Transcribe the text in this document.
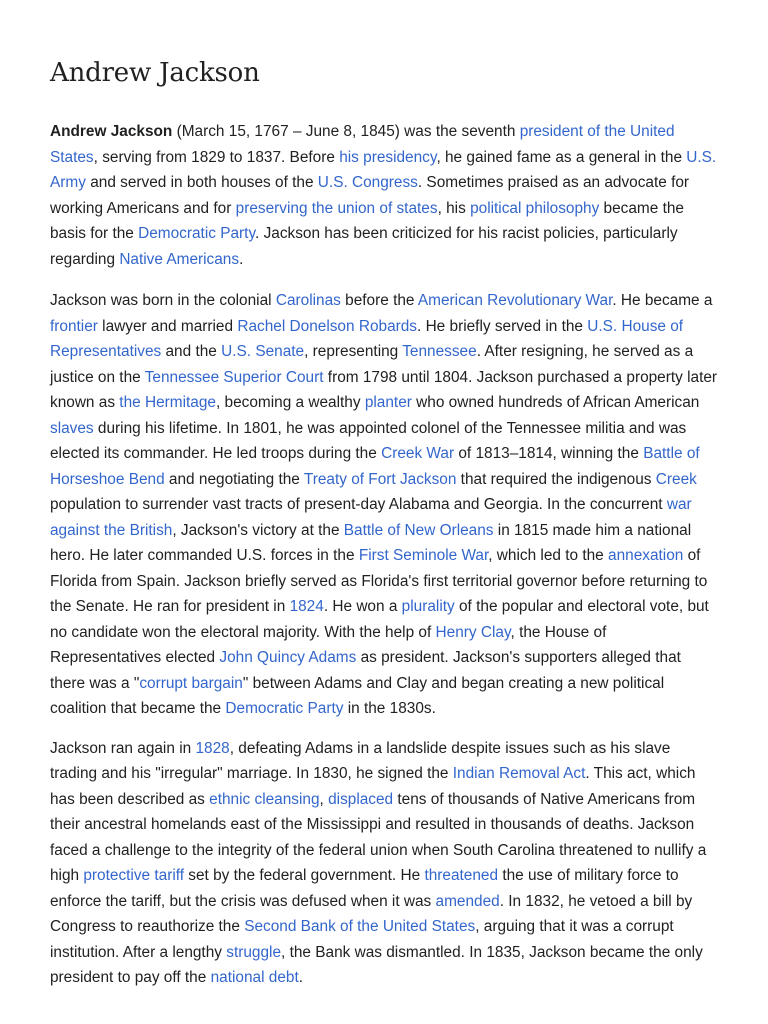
Andrew Jackson

Andrew Jackson (March 15, 1767 – June 8, 1845) was the seventh president of the United States, serving from 1829 to 1837. Before his presidency, he gained fame as a general in the U.S. Army and served in both houses of the U.S. Congress. Sometimes praised as an advocate for working Americans and for preserving the union of states, his political philosophy became the basis for the Democratic Party. Jackson has been criticized for his racist policies, particularly regarding Native Americans.

Jackson was born in the colonial Carolinas before the American Revolutionary War. He became a frontier lawyer and married Rachel Donelson Robards. He briefly served in the U.S. House of Representatives and the U.S. Senate, representing Tennessee. After resigning, he served as a justice on the Tennessee Superior Court from 1798 until 1804. Jackson purchased a property later known as the Hermitage, becoming a wealthy planter who owned hundreds of African American slaves during his lifetime. In 1801, he was appointed colonel of the Tennessee militia and was elected its commander. He led troops during the Creek War of 1813–1814, winning the Battle of Horseshoe Bend and negotiating the Treaty of Fort Jackson that required the indigenous Creek population to surrender vast tracts of present-day Alabama and Georgia. In the concurrent war against the British, Jackson's victory at the Battle of New Orleans in 1815 made him a national hero. He later commanded U.S. forces in the First Seminole War, which led to the annexation of Florida from Spain. Jackson briefly served as Florida's first territorial governor before returning to the Senate. He ran for president in 1824. He won a plurality of the popular and electoral vote, but no candidate won the electoral majority. With the help of Henry Clay, the House of Representatives elected John Quincy Adams as president. Jackson's supporters alleged that there was a "corrupt bargain" between Adams and Clay and began creating a new political coalition that became the Democratic Party in the 1830s.

Jackson ran again in 1828, defeating Adams in a landslide despite issues such as his slave trading and his "irregular" marriage. In 1830, he signed the Indian Removal Act. This act, which has been described as ethnic cleansing, displaced tens of thousands of Native Americans from their ancestral homelands east of the Mississippi and resulted in thousands of deaths. Jackson faced a challenge to the integrity of the federal union when South Carolina threatened to nullify a high protective tariff set by the federal government. He threatened the use of military force to enforce the tariff, but the crisis was defused when it was amended. In 1832, he vetoed a bill by Congress to reauthorize the Second Bank of the United States, arguing that it was a corrupt institution. After a lengthy struggle, the Bank was dismantled. In 1835, Jackson became the only president to pay off the national debt.
